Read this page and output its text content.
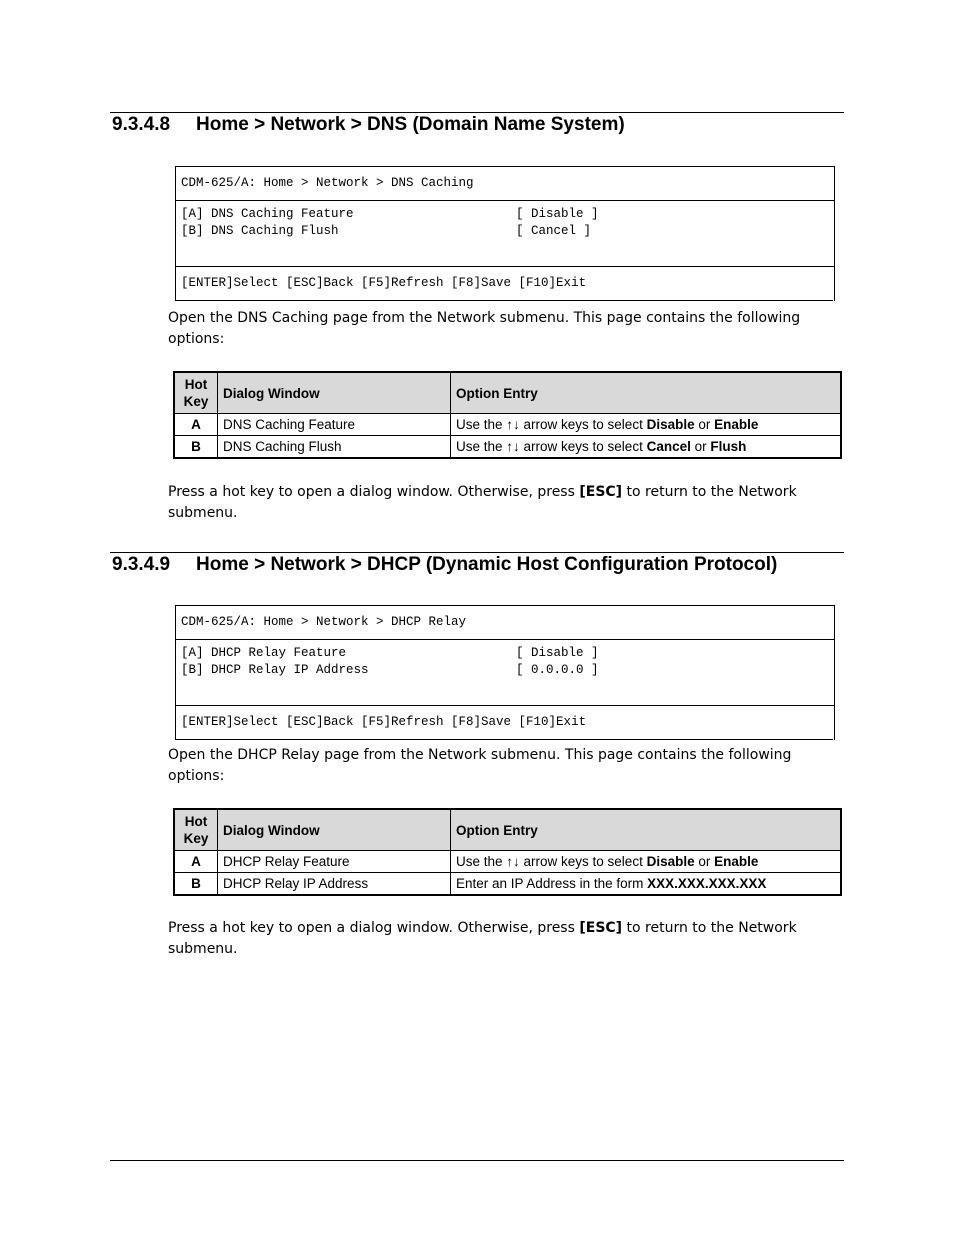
9.3.4.8 Home > Network > DNS (Domain Name System)
CDM-625/A: Home > Network > DNS Caching
[A] DNS Caching Feature	[ Disable ]
[B] DNS Caching Flush	[ Cancel ]
[ENTER]Select [ESC]Back [F5]Refresh [F8]Save [F10]Exit
Open the DNS Caching page from the Network submenu. This page contains the following options:
Hot Key	Dialog Window	Option Entry
A	DNS Caching Feature	Use the ↑↓ arrow keys to select Disable or Enable
B	DNS Caching Flush	Use the ↑↓ arrow keys to select Cancel or Flush
Press a hot key to open a dialog window. Otherwise, press [ESC] to return to the Network submenu.
9.3.4.9 Home > Network > DHCP (Dynamic Host Configuration Protocol)
CDM-625/A: Home > Network > DHCP Relay
[A] DHCP Relay Feature	[ Disable ]
[B] DHCP Relay IP Address	[ 0.0.0.0 ]
[ENTER]Select [ESC]Back [F5]Refresh [F8]Save [F10]Exit
Open the DHCP Relay page from the Network submenu. This page contains the following options:
Hot Key	Dialog Window	Option Entry
A	DHCP Relay Feature	Use the ↑↓ arrow keys to select Disable or Enable
B	DHCP Relay IP Address	Enter an IP Address in the form XXX.XXX.XXX.XXX
Press a hot key to open a dialog window. Otherwise, press [ESC] to return to the Network submenu.
